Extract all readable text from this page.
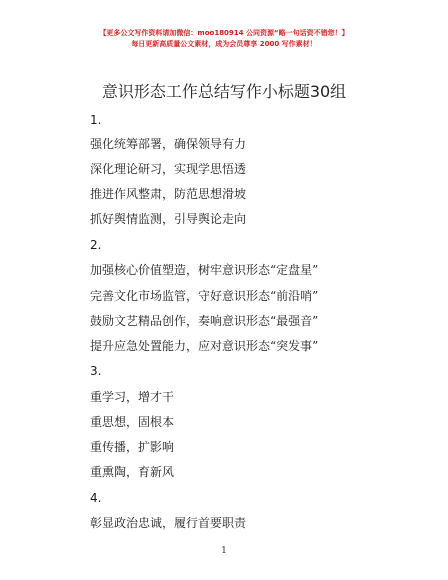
【更多公文写作资料请加微信：moo180914 公同资源“略一句话资不错您！】
每日更新高质量公文素材，成为会员尊享 2000 写作素材！
意识形态工作总结写作小标题30组
1.
强化统筹部署，确保领导有力
深化理论研习，实现学思悟透
推进作风整肃，防范思想滑坡
抓好舆情监测，引导舆论走向
2.
加强核心价值塑造，树牢意识形态“定盘星”
完善文化市场监管，守好意识形态“前沿哨”
鼓励文艺精品创作，奏响意识形态“最强音”
提升应急处置能力，应对意识形态“突发事”
3.
重学习，增才干
重思想，固根本
重传播，扩影响
重熏陶，育新风
4.
彰显政治忠诚，履行首要职责
1
